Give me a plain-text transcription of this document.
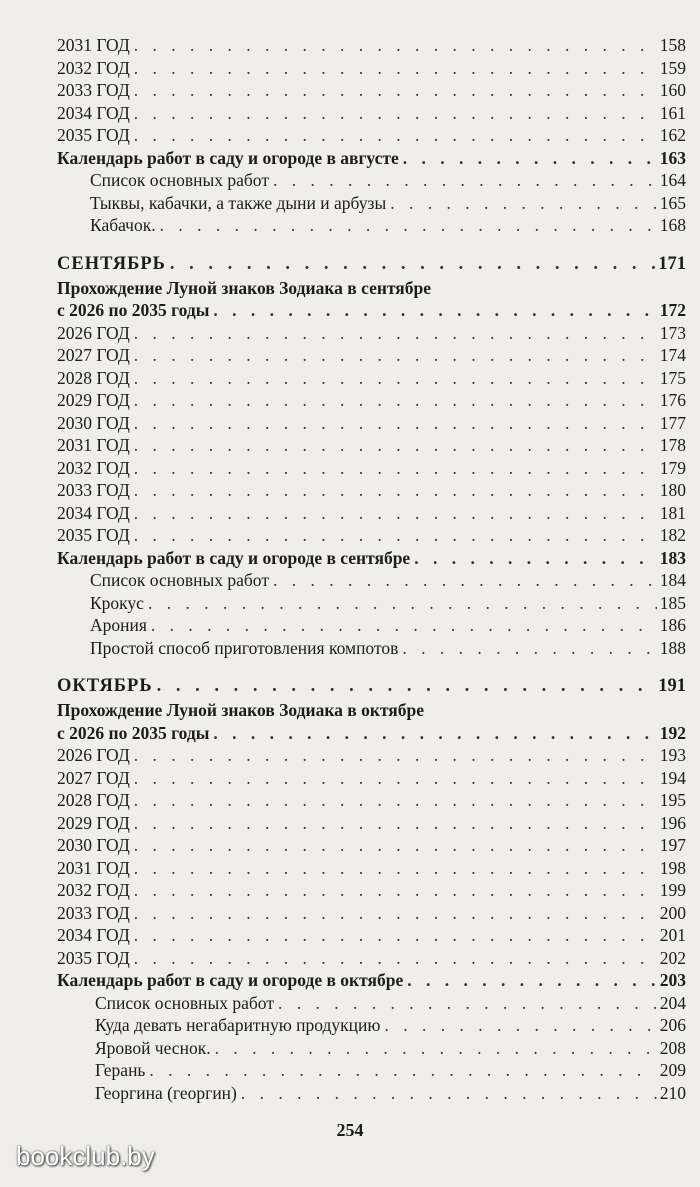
2031 ГОД . . .	158
2032 ГОД . . .	159
2033 ГОД . . .	160
2034 ГОД . . .	161
2035 ГОД . . .	162
Календарь работ в саду и огороде в августе . . .	163
Список основных работ . . .	164
Тыквы, кабачки, а также дыни и арбузы . . .	165
Кабачок. . . .	168
СЕНТЯБРЬ . . .	171
Прохождение Луной знаков Зодиака в сентябре
с 2026 по 2035 годы . . .	172
2026 ГОД . . .	173
2027 ГОД . . .	174
2028 ГОД . . .	175
2029 ГОД . . .	176
2030 ГОД . . .	177
2031 ГОД . . .	178
2032 ГОД . . .	179
2033 ГОД . . .	180
2034 ГОД . . .	181
2035 ГОД . . .	182
Календарь работ в саду и огороде в сентябре . . .	183
Список основных работ . . .	184
Крокус . . .	185
Арония . . .	186
Простой способ приготовления компотов . . .	188
ОКТЯБРЬ . . .	191
Прохождение Луной знаков Зодиака в октябре
с 2026 по 2035 годы . . .	192
2026 ГОД . . .	193
2027 ГОД . . .	194
2028 ГОД . . .	195
2029 ГОД . . .	196
2030 ГОД . . .	197
2031 ГОД . . .	198
2032 ГОД . . .	199
2033 ГОД . . .	200
2034 ГОД . . .	201
2035 ГОД . . .	202
Календарь работ в саду и огороде в октябре . . .	203
Список основных работ . . .	204
Куда девать негабаритную продукцию . . .	206
Яровой чеснок. . . .	208
Герань . . .	209
Георгина (георгин) . . .	210
254
bookclub.by
